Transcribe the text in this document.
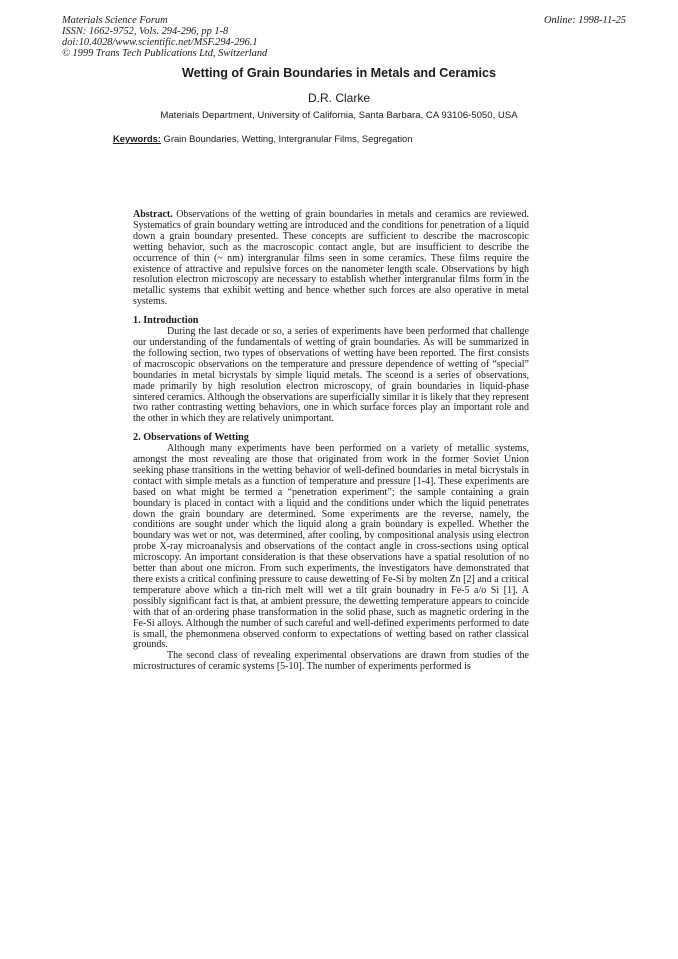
Materials Science Forum
ISSN: 1662-9752, Vols. 294-296, pp 1-8
doi:10.4028/www.scientific.net/MSF.294-296.1
© 1999 Trans Tech Publications Ltd, Switzerland
Online: 1998-11-25
Wetting of Grain Boundaries in Metals and Ceramics
D.R. Clarke
Materials Department, University of California, Santa Barbara, CA 93106-5050, USA
Keywords: Grain Boundaries, Wetting, Intergranular Films, Segregation

Abstract. Observations of the wetting of grain boundaries in metals and ceramics are reviewed. Systematics of grain boundary wetting are introduced and the conditions for penetration of a liquid down a grain boundary presented. These concepts are sufficient to describe the macroscopic wetting behavior, such as the macroscopic contact angle, but are insufficient to describe the occurrence of thin (~ nm) intergranular films seen in some ceramics. These films require the existence of attractive and repulsive forces on the nanometer length scale. Observations by high resolution electron microscopy are necessary to establish whether intergranular films form in the metallic systems that exhibit wetting and hence whether such forces are also operative in metal systems.

1. Introduction

During the last decade or so, a series of experiments have been performed that challenge our understanding of the fundamentals of wetting of grain boundaries. As will be summarized in the following section, two types of observations of wetting have been reported. The first consists of macroscopic observations on the temperature and pressure dependence of wetting of “special” boundaries in metal bicrystals by simple liquid metals. The sceond is a series of observations, made primarily by high resolution electron microscopy, of grain boundaries in liquid-phase sintered ceramics. Although the observations are superficially similar it is likely that they represent two rather contrasting wetting behaviors, one in which surface forces play an important role and the other in which they are relatively unimportant.

2. Observations of Wetting

Although many experiments have been performed on a variety of metallic systems, amongst the most revealing are those that originated from work in the former Soviet Union seeking phase transitions in the wetting behavior of well-defined boundaries in metal bicrystals in contact with simple metals as a function of temperature and pressure [1-4]. These experiments are based on what might be termed a “penetration experiment”; the sample containing a grain boundary is placed in contact with a liquid and the conditions under which the liquid penetrates down the grain boundary are determined. Some experiments are the reverse, namely, the conditions are sought under which the liquid along a grain boundary is expelled. Whether the boundary was wet or not, was determined, after cooling, by compositional analysis using electron probe X-ray microanalysis and observations of the contact angle in cross-sections using optical microscopy. An important consideration is that these observations have a spatial resolution of no better than about one micron. From such experiments, the investigators have demonstrated that there exists a critical confining pressure to cause dewetting of Fe-Si by molten Zn [2] and a critical temperature above which a tin-rich melt will wet a tilt grain bounadry in Fe-5 a/o Si [1]. A possibly significant fact is that, at ambient pressure, the dewetting temperature appears to coincide with that of an ordering phase transformation in the solid phase, such as magnetic ordering in the Fe-Si alloys. Although the number of such careful and well-defined experiments performed to date is small, the phemonmena observed conform to expectations of wetting based on rather classical grounds.

The second class of revealing experimental observations are drawn from studies of the microstructures of ceramic systems [5-10]. The number of experiments performed is
